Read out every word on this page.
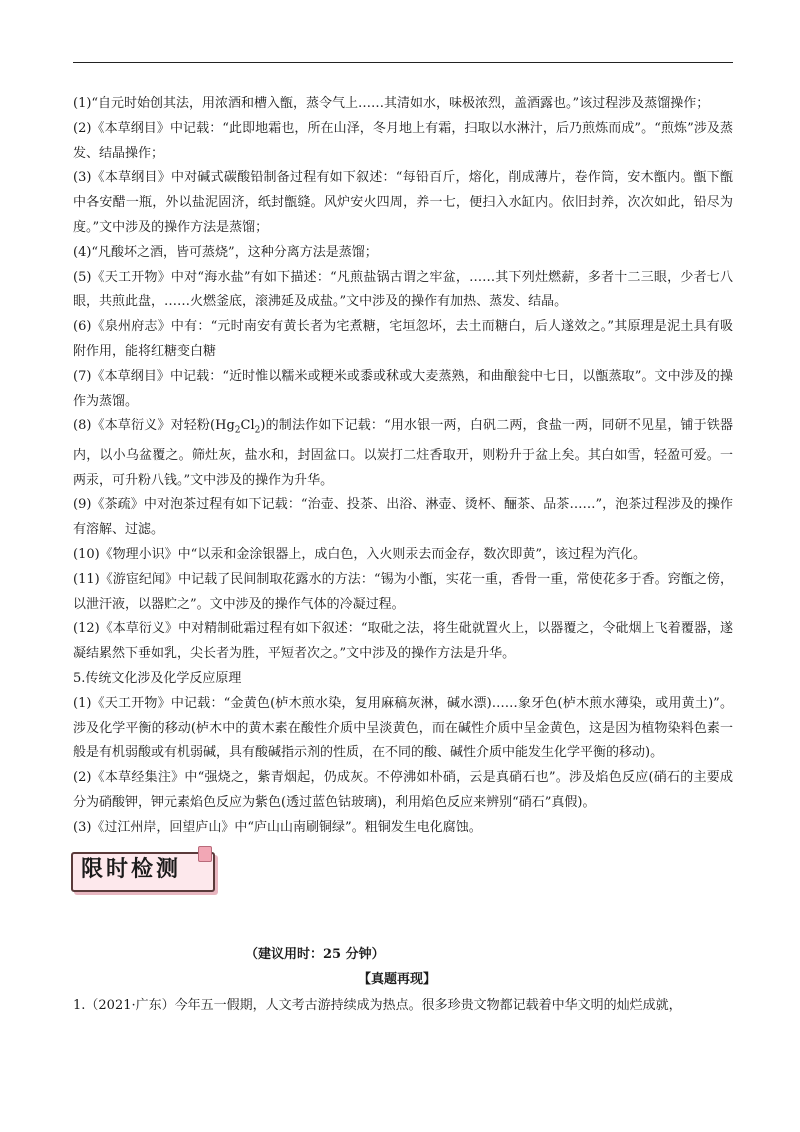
(1)“自元时始创其法，用浓酒和槽入甑，蒸令气上……其清如水，味极浓烈，盖酒露也。”该过程涉及蒸馏操作；

(2)《本草纲目》中记载：“此即地霜也，所在山泽，冬月地上有霜，扫取以水淋汁，后乃煎炼而成”。“煎炼”涉及蒸发、结晶操作；

(3)《本草纲目》中对碱式碳酸铅制备过程有如下叙述：“每铅百斤，熔化，削成薄片，卷作筒，安木甑内。甑下甑中各安醋一瓶，外以盐泥固济，纸封甑缝。风炉安火四周，养一七，便扫入水缸内。依旧封养，次次如此，铅尽为度。”文中涉及的操作方法是蒸馏；

(4)“凡酸坏之酒，皆可蒸烧”，这种分离方法是蒸馏；

(5)《天工开物》中对“海水盐”有如下描述：“凡煎盐锅古谓之牢盆，……其下列灶燃薪，多者十二三眼，少者七八眼，共煎此盘，……火燃釜底，滚沸延及成盐。”文中涉及的操作有加热、蒸发、结晶。

(6)《泉州府志》中有：“元时南安有黄长者为宅煮糖，宅垣忽坏，去土而糖白，后人遂效之。”其原理是泥土具有吸附作用，能将红糖变白糖

(7)《本草纲目》中记载：“近时惟以糯米或粳米或黍或秫或大麦蒸熟，和曲酿瓮中七日，以甑蒸取”。文中涉及的操作为蒸馏。

(8)《本草衍义》对轻粉$(Hg_2Cl_2)$的制法作如下记载：“用水银一两，白矾二两，食盐一两，同研不见星，铺于铁器内，以小乌盆覆之。筛灶灰，盐水和，封固盆口。以炭打二炷香取开，则粉升于盆上矣。其白如雪，轻盈可爱。一两汞，可升粉八钱。”文中涉及的操作为升华。

(9)《茶疏》中对泡茶过程有如下记载：“治壶、投茶、出浴、淋壶、烫杯、酾茶、品茶……”，泡茶过程涉及的操作有溶解、过滤。

(10)《物理小识》中“以汞和金涂银器上，成白色，入火则汞去而金存，数次即黄”，该过程为汽化。

(11)《游宦纪闻》中记载了民间制取花露水的方法：“锡为小甑，实花一重，香骨一重，常使花多于香。窍甑之傍，以泄汗液，以器贮之”。文中涉及的操作气体的冷凝过程。

(12)《本草衍义》中对精制砒霜过程有如下叙述：“取砒之法，将生砒就置火上，以器覆之，令砒烟上飞着覆器，遂凝结累然下垂如乳，尖长者为胜，平短者次之。”文中涉及的操作方法是升华。

5.传统文化涉及化学反应原理

(1)《天工开物》中记载：“金黄色(栌木煎水染，复用麻稿灰淋，碱水漂)……象牙色(栌木煎水薄染，或用黄土)”。涉及化学平衡的移动(栌木中的黄木素在酸性介质中呈淡黄色，而在碱性介质中呈金黄色，这是因为植物染料色素一般是有机弱酸或有机弱碱，具有酸碱指示剂的性质，在不同的酸、碱性介质中能发生化学平衡的移动)。

(2)《本草经集注》中“强烧之，紫青烟起，仍成灰。不停沸如朴硝，云是真硝石也”。涉及焰色反应(硝石的主要成分为硝酸钾，钾元素焰色反应为紫色(透过蓝色钴玻璃)，利用焰色反应来辨别“硝石”真假)。

(3)《过江州岸，回望庐山》中“庐山山南刷铜绿”。粗铜发生电化腐蚀。

限时检测
（建议用时：25 分钟）
【真题再现】
1.（2021·广东）今年五一假期，人文考古游持续成为热点。很多珍贵文物都记载着中华文明的灿烂成就，
